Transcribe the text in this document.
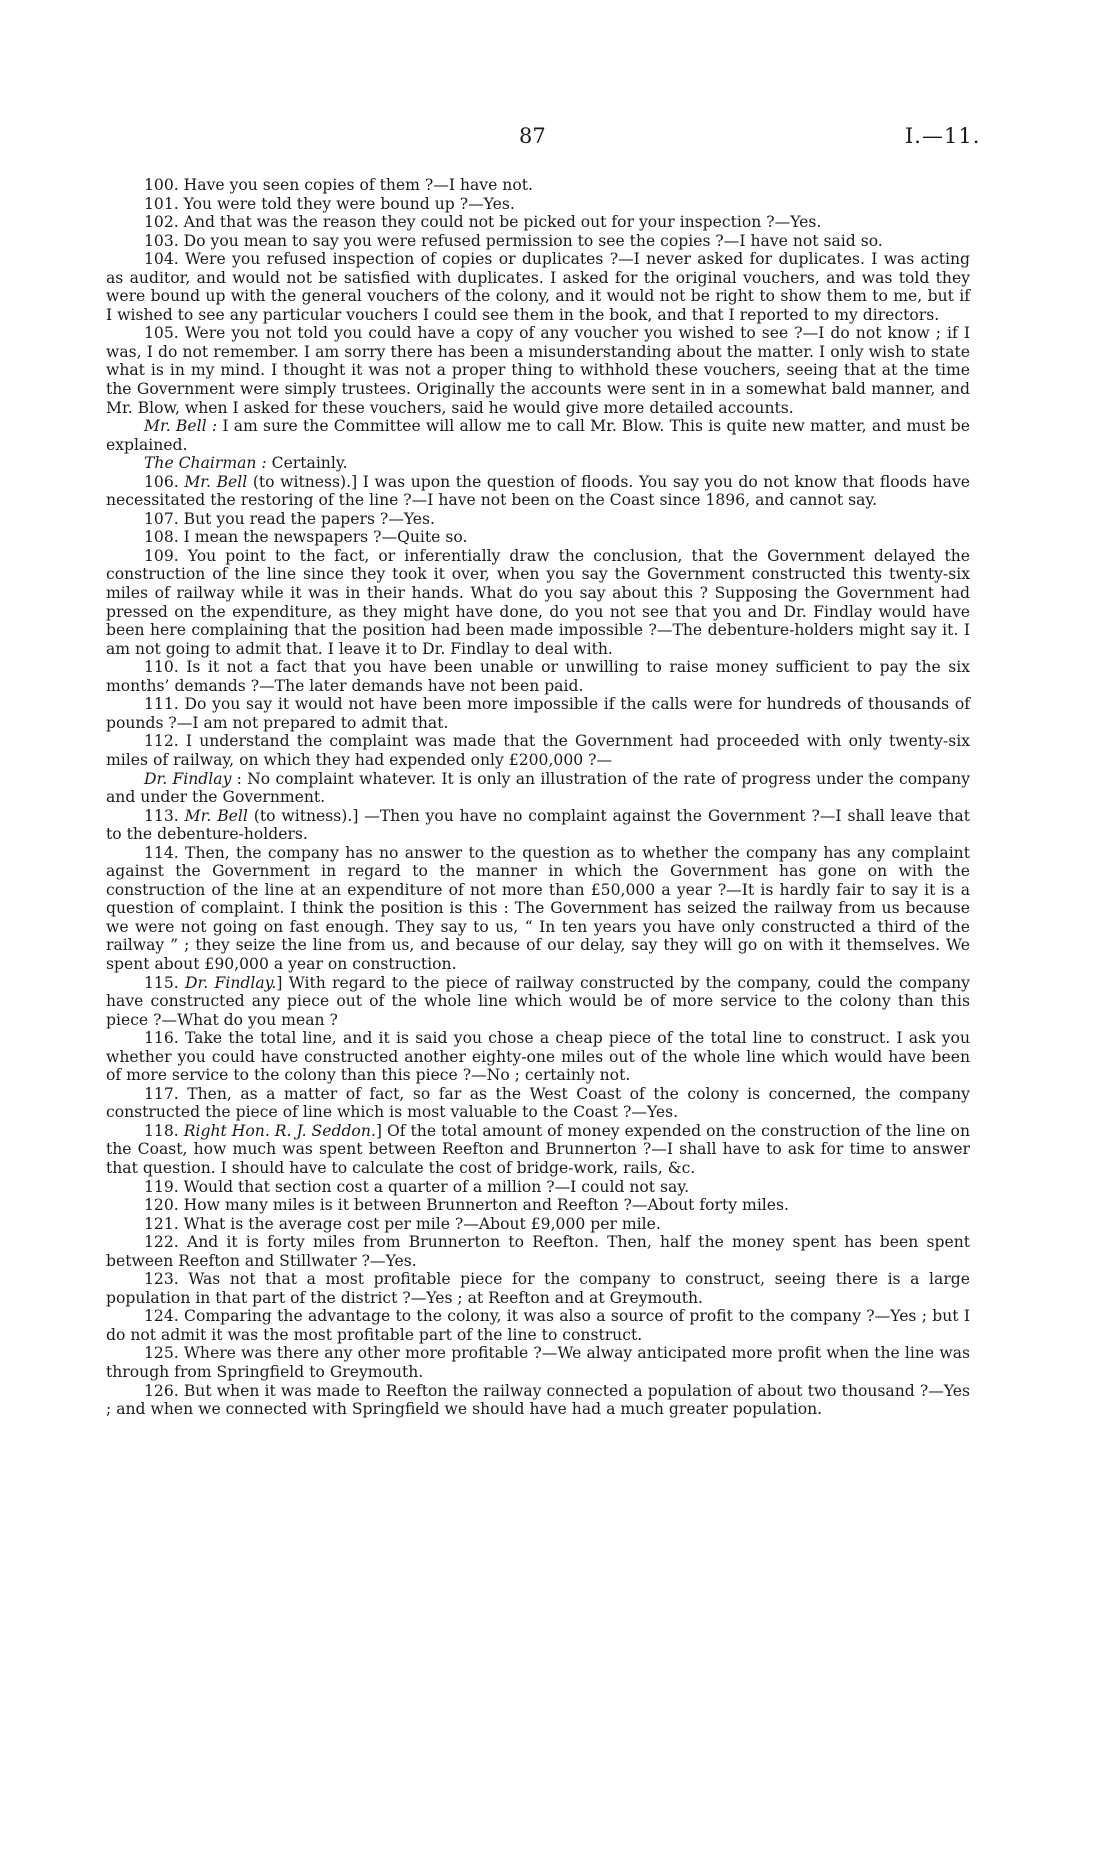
87	I.—11.

100. Have you seen copies of them ?—I have not.

101. You were told they were bound up ?—Yes.

102. And that was the reason they could not be picked out for your inspection ?—Yes.

103. Do you mean to say you were refused permission to see the copies ?—I have not said so.

104. Were you refused inspection of copies or duplicates ?—I never asked for duplicates. I was acting as auditor, and would not be satisfied with duplicates. I asked for the original vouchers, and was told they were bound up with the general vouchers of the colony, and it would not be right to show them to me, but if I wished to see any particular vouchers I could see them in the book, and that I reported to my directors.

105. Were you not told you could have a copy of any voucher you wished to see ?—I do not know ; if I was, I do not remember. I am sorry there has been a misunderstanding about the matter. I only wish to state what is in my mind. I thought it was not a proper thing to withhold these vouchers, seeing that at the time the Government were simply trustees. Originally the accounts were sent in in a somewhat bald manner, and Mr. Blow, when I asked for these vouchers, said he would give more detailed accounts.

Mr. Bell : I am sure the Committee will allow me to call Mr. Blow. This is quite new matter, and must be explained.

The Chairman : Certainly.

106. Mr. Bell (to witness).] I was upon the question of floods. You say you do not know that floods have necessitated the restoring of the line ?—I have not been on the Coast since 1896, and cannot say.

107. But you read the papers ?—Yes.

108. I mean the newspapers ?—Quite so.

109. You point to the fact, or inferentially draw the conclusion, that the Government delayed the construction of the line since they took it over, when you say the Government constructed this twenty-six miles of railway while it was in their hands. What do you say about this ? Supposing the Government had pressed on the expenditure, as they might have done, do you not see that you and Dr. Findlay would have been here complaining that the position had been made impossible ?—The debenture-holders might say it. I am not going to admit that. I leave it to Dr. Findlay to deal with.

110. Is it not a fact that you have been unable or unwilling to raise money sufficient to pay the six months’ demands ?—The later demands have not been paid.

111. Do you say it would not have been more impossible if the calls were for hundreds of thousands of pounds ?—I am not prepared to admit that.

112. I understand the complaint was made that the Government had proceeded with only twenty-six miles of railway, on which they had expended only £200,000 ?—

Dr. Findlay : No complaint whatever. It is only an illustration of the rate of progress under the company and under the Government.

113. Mr. Bell (to witness).] —Then you have no complaint against the Government ?—I shall leave that to the debenture-holders.

114. Then, the company has no answer to the question as to whether the company has any complaint against the Government in regard to the manner in which the Government has gone on with the construction of the line at an expenditure of not more than £50,000 a year ?—It is hardly fair to say it is a question of complaint. I think the position is this : The Government has seized the railway from us because we were not going on fast enough. They say to us, “ In ten years you have only constructed a third of the railway ” ; they seize the line from us, and because of our delay, say they will go on with it themselves. We spent about £90,000 a year on construction.

115. Dr. Findlay.] With regard to the piece of railway constructed by the company, could the company have constructed any piece out of the whole line which would be of more service to the colony than this piece ?—What do you mean ?

116. Take the total line, and it is said you chose a cheap piece of the total line to construct. I ask you whether you could have constructed another eighty-one miles out of the whole line which would have been of more service to the colony than this piece ?—No ; certainly not.

117. Then, as a matter of fact, so far as the West Coast of the colony is concerned, the company constructed the piece of line which is most valuable to the Coast ?—Yes.

118. Right Hon. R. J. Seddon.] Of the total amount of money expended on the construction of the line on the Coast, how much was spent between Reefton and Brunnerton ?—I shall have to ask for time to answer that question. I should have to calculate the cost of bridge-work, rails, &c.

119. Would that section cost a quarter of a million ?—I could not say.

120. How many miles is it between Brunnerton and Reefton ?—About forty miles.

121. What is the average cost per mile ?—About £9,000 per mile.

122. And it is forty miles from Brunnerton to Reefton. Then, half the money spent has been spent between Reefton and Stillwater ?—Yes.

123. Was not that a most profitable piece for the company to construct, seeing there is a large population in that part of the district ?—Yes ; at Reefton and at Greymouth.

124. Comparing the advantage to the colony, it was also a source of profit to the company ?—Yes ; but I do not admit it was the most profitable part of the line to construct.

125. Where was there any other more profitable ?—We alway anticipated more profit when the line was through from Springfield to Greymouth.

126. But when it was made to Reefton the railway connected a population of about two thousand ?—Yes ; and when we connected with Springfield we should have had a much greater population.
